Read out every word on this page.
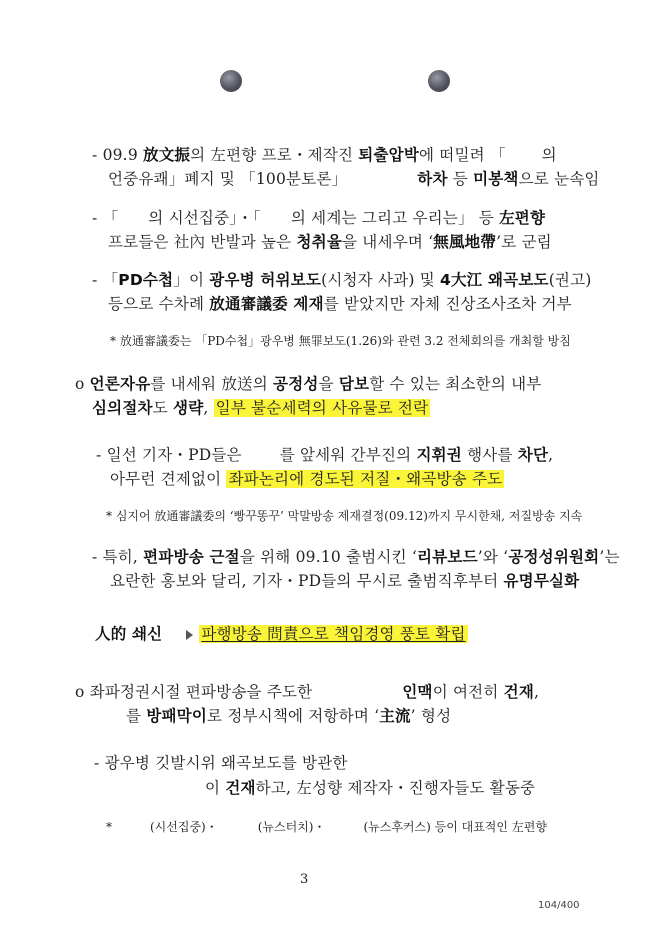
- 09.9 放文振의 左편향 프로・제작진 퇴출압박에 떠밀려 「 의
언중유쾌」폐지 및 「100분토론」	하차 등 미봉책으로 눈속임
- 「 의 시선집중」・「 의 세계는 그리고 우리는」 등 左편향
프로들은 社內 반발과 높은 청취율을 내세우며 ‘無風地帶’로 군림
- 「PD수첩」이 광우병 허위보도(시청자 사과) 및 4大江 왜곡보도(권고)
등으로 수차례 放通審議委 제재를 받았지만 자체 진상조사조차 거부
* 放通審議委는 「PD수첩」광우병 無罪보도(1.26)와 관련 3.2 전체회의를 개최할 방침
o 언론자유를 내세워 放送의 공정성을 담보할 수 있는 최소한의 내부
심의절차도 생략, 일부 불순세력의 사유물로 전락
- 일선 기자・PD들은 를 앞세워 간부진의 지휘권 행사를 차단,
아무런 견제없이 좌파논리에 경도된 저질・왜곡방송 주도
* 심지어 放通審議委의 ‘빵꾸똥꾸’ 막말방송 제재결정(09.12)까지 무시한채, 저질방송 지속
- 특히, 편파방송 근절을 위해 09.10 출범시킨 ‘리뷰보드’와 ‘공정성위원회’는
요란한 홍보와 달리, 기자・PD들의 무시로 출범직후부터 유명무실화
人的 쇄신	파행방송 問責으로 책임경영 풍토 확립
o 좌파정권시절 편파방송을 주도한	인맥이 여전히 건재,
를 방패막이로 정부시책에 저항하며 ‘主流’ 형성
- 광우병 깃발시위 왜곡보도를 방관한
이 건재하고, 左성향 제작자・진행자들도 활동중
*	(시선집중)・	(뉴스터치)・	(뉴스후커스) 등이 대표적인 左편향
3
104/400
